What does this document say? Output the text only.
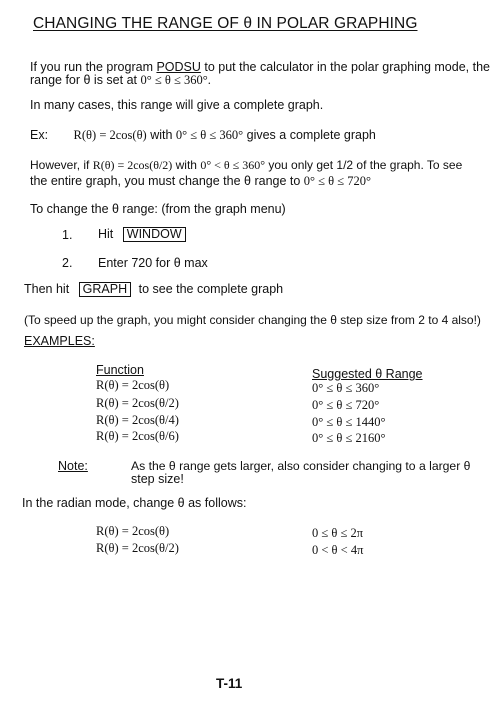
CHANGING THE RANGE OF θ IN POLAR GRAPHING
If you run the program PODSU to put the calculator in the polar graphing mode, the
range for θ is set at 0° ≤ θ ≤ 360°.
In many cases, this range will give a complete graph.
Ex: R(θ) = 2cos(θ) with 0° ≤ θ ≤ 360° gives a complete graph
However, if R(θ) = 2cos(θ/2) with 0° < θ ≤ 360° you only get 1/2 of the graph. To see
the entire graph, you must change the θ range to 0° ≤ θ ≤ 720°
To change the θ range: (from the graph menu)
1. Hit WINDOW
2. Enter 720 for θ max
Then hit GRAPH to see the complete graph
(To speed up the graph, you might consider changing the θ step size from 2 to 4 also!)
EXAMPLES:
Function	Suggested θ Range
R(θ) = 2cos(θ)	0° ≤ θ ≤ 360°
R(θ) = 2cos(θ/2)	0° ≤ θ ≤ 720°
R(θ) = 2cos(θ/4)	0° ≤ θ ≤ 1440°
R(θ) = 2cos(θ/6)	0° ≤ θ ≤ 2160°
Note:	As the θ range gets larger, also consider changing to a larger θ
step size!
In the radian mode, change θ as follows:
R(θ) = 2cos(θ)	0 ≤ θ ≤ 2π
R(θ) = 2cos(θ/2)	0 < θ < 4π
T-11
